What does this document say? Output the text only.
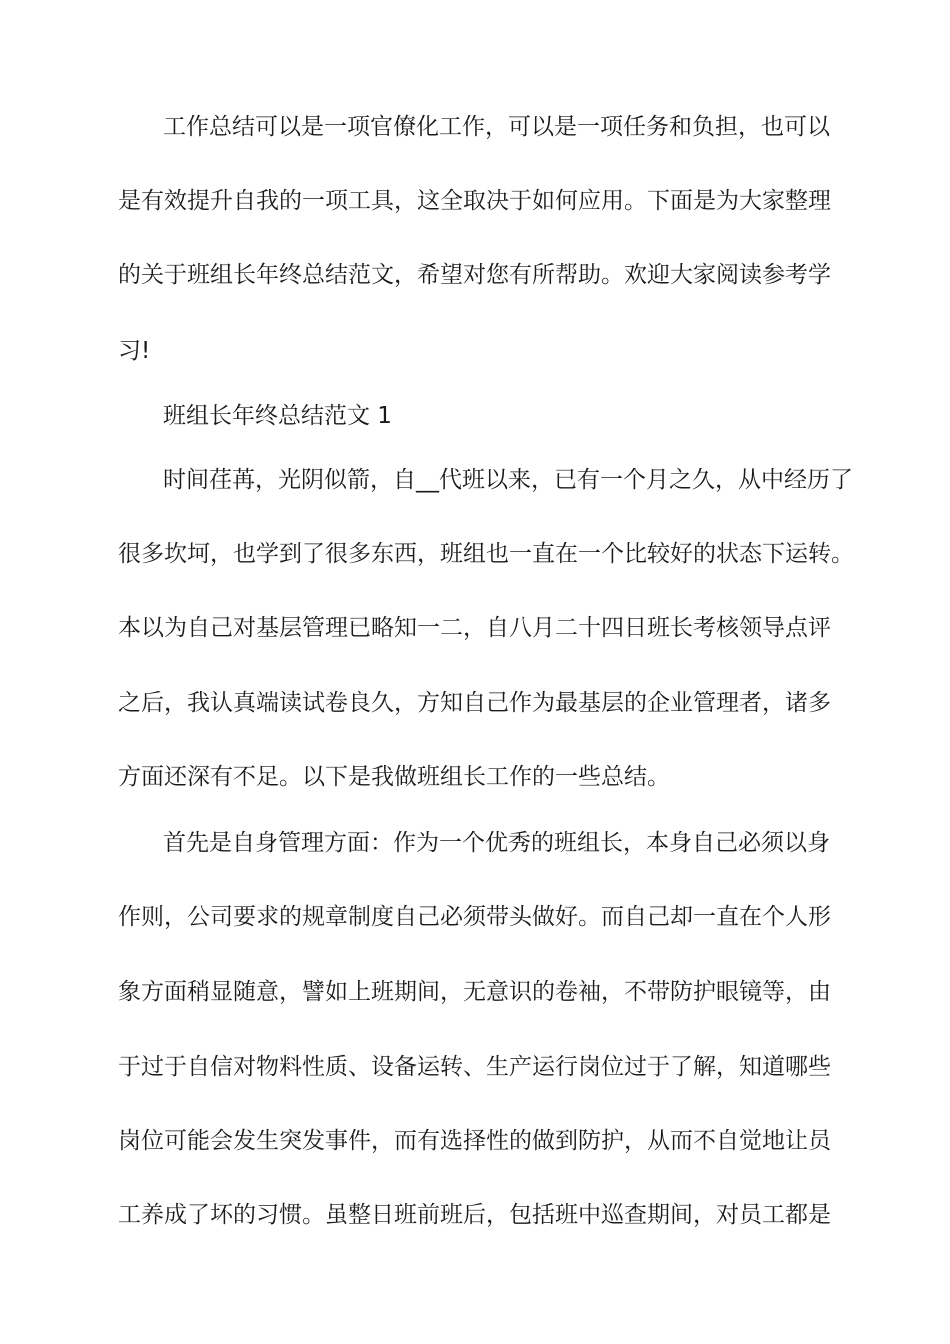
工作总结可以是一项官僚化工作，可以是一项任务和负担，也可以

是有效提升自我的一项工具，这全取决于如何应用。下面是为大家整理

的关于班组长年终总结范文，希望对您有所帮助。欢迎大家阅读参考学

习!

班组长年终总结范文 1

时间荏苒，光阴似箭，自__代班以来，已有一个月之久，从中经历了

很多坎坷，也学到了很多东西，班组也一直在一个比较好的状态下运转。

本以为自己对基层管理已略知一二，自八月二十四日班长考核领导点评

之后，我认真端读试卷良久，方知自己作为最基层的企业管理者，诸多

方面还深有不足。以下是我做班组长工作的一些总结。

首先是自身管理方面：作为一个优秀的班组长，本身自己必须以身

作则，公司要求的规章制度自己必须带头做好。而自己却一直在个人形

象方面稍显随意，譬如上班期间，无意识的卷袖，不带防护眼镜等，由

于过于自信对物料性质、设备运转、生产运行岗位过于了解，知道哪些

岗位可能会发生突发事件，而有选择性的做到防护，从而不自觉地让员

工养成了坏的习惯。虽整日班前班后，包括班中巡查期间，对员工都是
